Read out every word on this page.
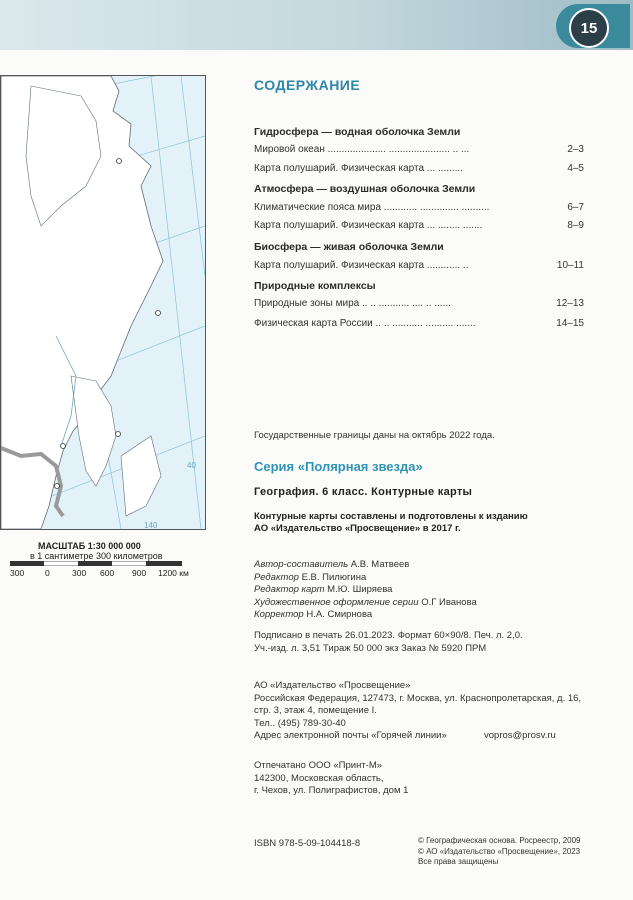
15
40
140
МАСШТАБ 1:30 000 000
в 1 сантиметре 300 километров
300 0	300 600 900 1200 км
СОДЕРЖАНИЕ
Гидросфера — водная оболочка Земли
Мировой океан ..................... ...................... .. ...	2–3
Карта полушарий. Физическая карта ... .........	4–5
Атмосфера — воздушная оболочка Земли
Климатические пояса мира ............ .............. ..........	6–7
Карта полушарий. Физическая карта ... ........ .......	8–9
Биосфера — живая оболочка Земли
Карта полушарий. Физическая карта ............ ..	10–11
Природные комплексы
Природные зоны мира .. .. ........... .... .. ......	12–13
Физическая карта России .. .. ........... .......... .......	14–15
Государственные границы даны на октябрь 2022 года.
Серия «Полярная звезда»
География. 6 класс. Контурные карты
Контурные карты составлены и подготовлены к изданию
АО «Издательство «Просвещение» в 2017 г.
Автор-составитель А.В. Матвеев
Редактор Е.В. Пилюгина
Редактор карт М.Ю. Ширяева
Художественное оформление серии О.Г Иванова
Корректор Н.А. Смирнова
Подписано в печать 26.01.2023. Формат 60×90/8. Печ. л. 2,0.
Уч.-изд. л. 3,51 Тираж 50 000 экз Заказ № 5920 ПРМ
АО «Издательство «Просвещение»
Российская Федерация, 127473, г. Москва, ул. Краснопролетарская, д. 16,
стр. 3, этаж 4, помещение I.
Тел.. (495) 789-30-40
Адрес электронной почты «Горячей линии»	vopros@prosv.ru
Отпечатано ООО «Принт-М»
142300, Московская область,
г. Чехов, ул. Полиграфистов, дом 1
ISBN 978-5-09-104418-8	© Географическая основа. Росреестр, 2009
© АО «Издательство «Просвещение», 2023
Все права защищены
